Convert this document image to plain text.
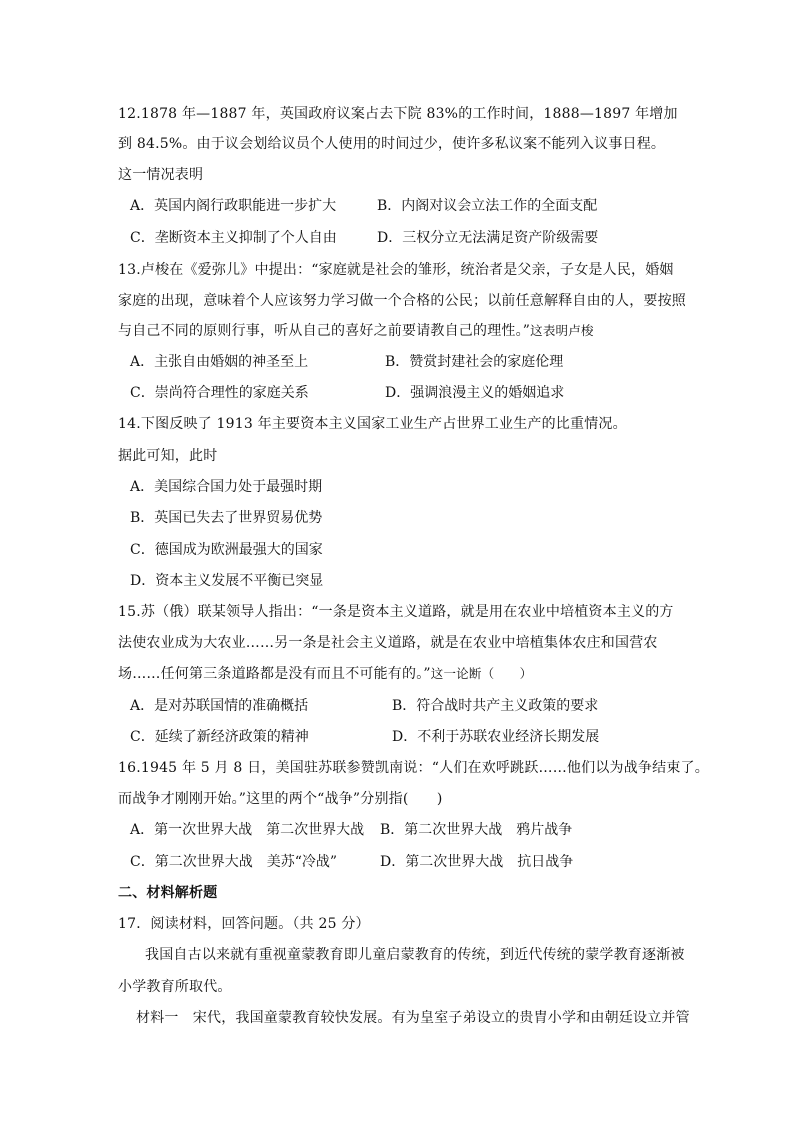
12.1878 年—1887 年，英国政府议案占去下院 83%的工作时间，1888—1897 年增加
到 84.5%。由于议会划给议员个人使用的时间过少，使许多私议案不能列入议事日程。
这一情况表明
A．英国内阁行政职能进一步扩大	B．内阁对议会立法工作的全面支配
C．垄断资本主义抑制了个人自由	D．三权分立无法满足资产阶级需要
13.卢梭在《爱弥儿》中提出：“家庭就是社会的雏形，统治者是父亲，子女是人民，婚姻
家庭的出现，意味着个人应该努力学习做一个合格的公民；以前任意解释自由的人，要按照
与自己不同的原则行事，听从自己的喜好之前要请教自己的理性。”这表明卢梭
A．主张自由婚姻的神圣至上	B．赞赏封建社会的家庭伦理
C．崇尚符合理性的家庭关系	D．强调浪漫主义的婚姻追求
14.下图反映了 1913 年主要资本主义国家工业生产占世界工业生产的比重情况。
据此可知，此时
A．美国综合国力处于最强时期
B．英国已失去了世界贸易优势
C．德国成为欧洲最强大的国家
D．资本主义发展不平衡已突显
15.苏（俄）联某领导人指出：“一条是资本主义道路，就是用在农业中培植资本主义的方
法使农业成为大农业……另一条是社会主义道路，就是在农业中培植集体农庄和国营农
场……任何第三条道路都是没有而且不可能有的。”这一论断（　　）
A．是对苏联国情的准确概括	B．符合战时共产主义政策的要求
C．延续了新经济政策的精神	D．不利于苏联农业经济长期发展
16.1945 年 5 月 8 日，美国驻苏联参赞凯南说：“人们在欢呼跳跃……他们以为战争结束了。
而战争才刚刚开始。”这里的两个“战争”分别指(　　)
A．第一次世界大战　第二次世界大战 B．第二次世界大战　鸦片战争
C．第二次世界大战　美苏“冷战”	D．第二次世界大战　抗日战争
二、材料解析题
17．阅读材料，回答问题。（共 25 分）
我国自古以来就有重视童蒙教育即儿童启蒙教育的传统，到近代传统的蒙学教育逐渐被
小学教育所取代。
材料一　宋代，我国童蒙教育较快发展。有为皇室子弟设立的贵胄小学和由朝廷设立并管
